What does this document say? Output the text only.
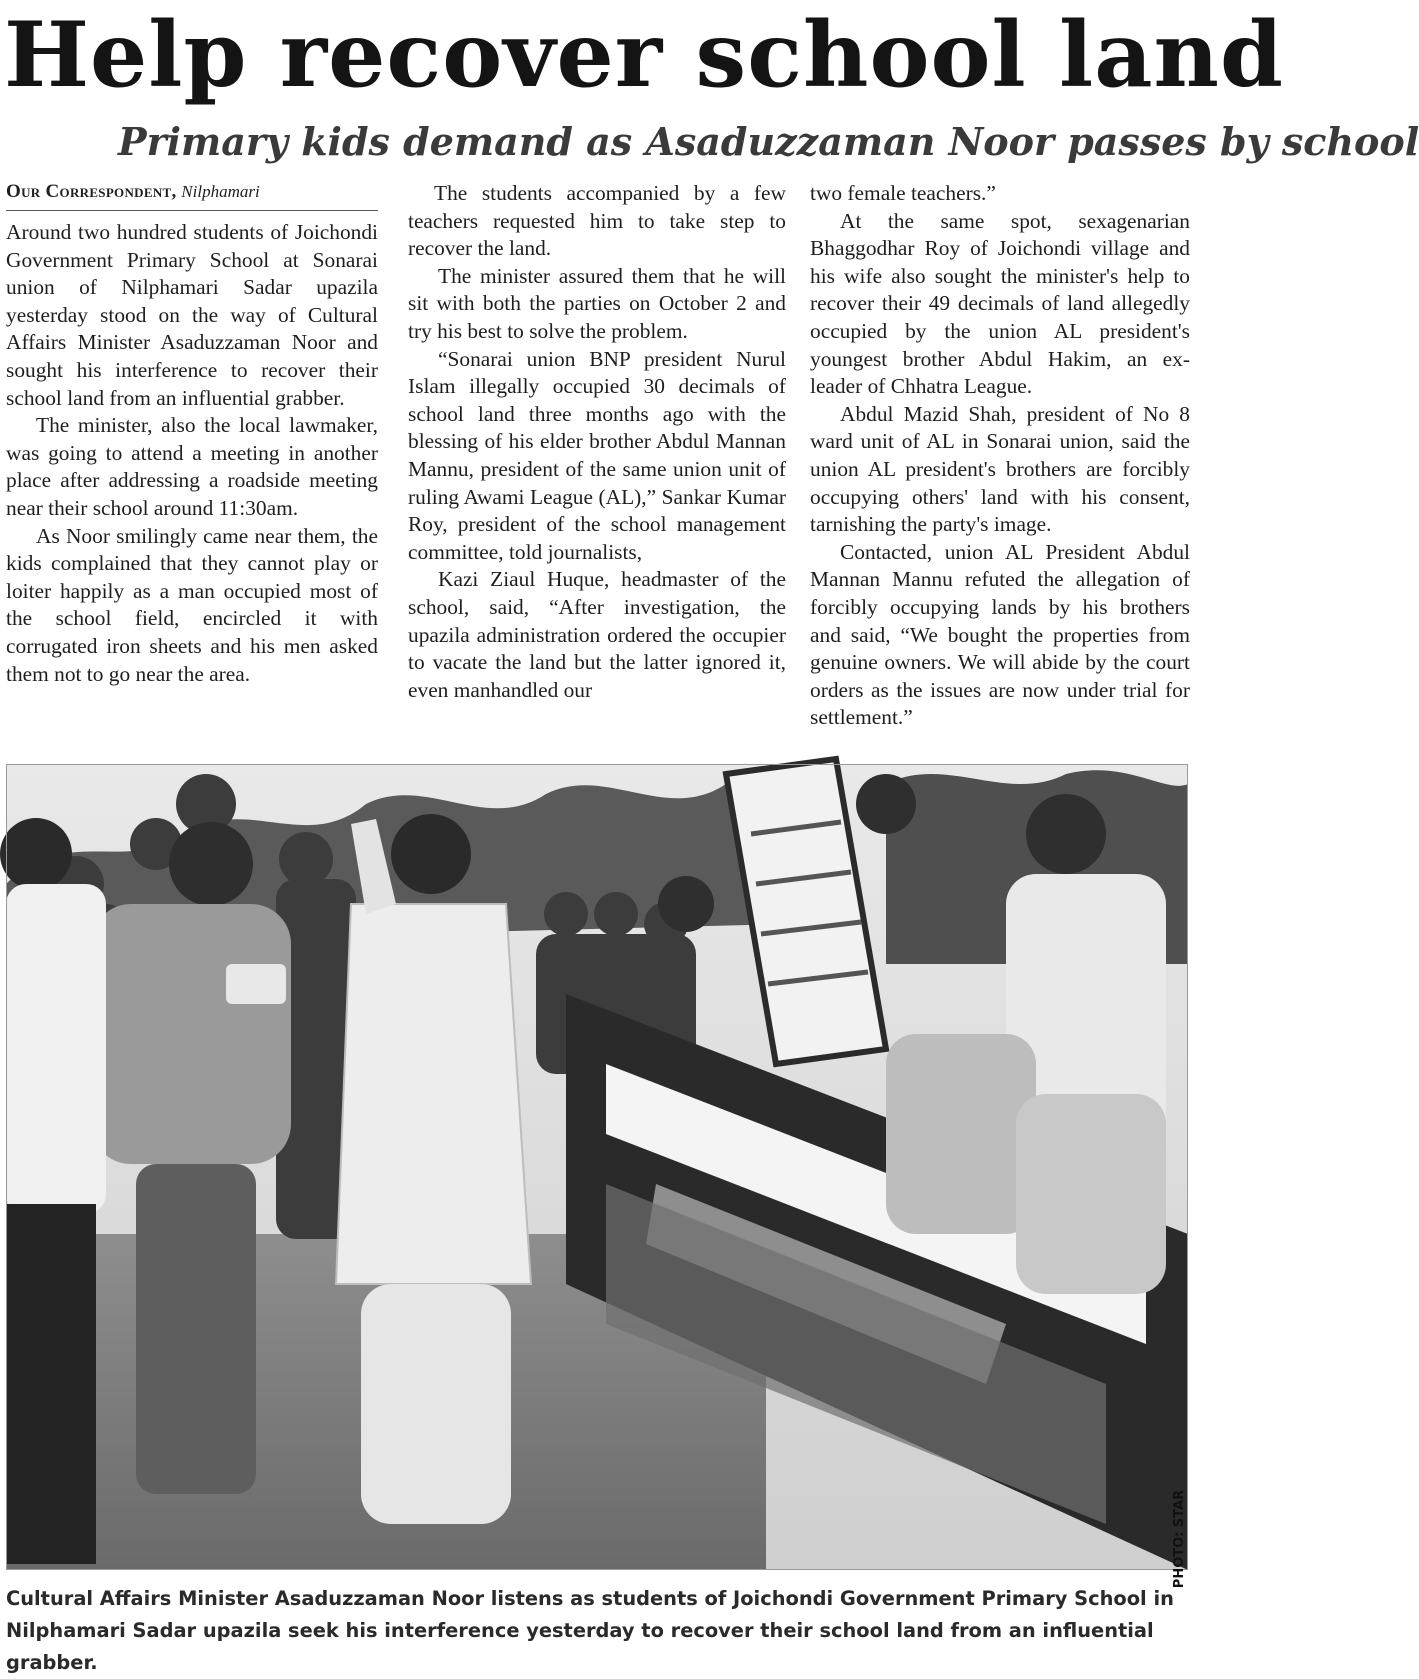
Help recover school land
Primary kids demand as Asaduzzaman Noor passes by school
Our Correspondent, Nilphamari

Around two hundred students of Joichondi Government Primary School at Sonarai union of Nilphamari Sadar upazila yesterday stood on the way of Cultural Affairs Minister Asaduzzaman Noor and sought his interference to recover their school land from an influential grabber.

The minister, also the local lawmaker, was going to attend a meeting in another place after addressing a roadside meeting near their school around 11:30am.

As Noor smilingly came near them, the kids complained that they cannot play or loiter happily as a man occupied most of the school field, encircled it with corrugated iron sheets and his men asked them not to go near the area.

The students accompanied by a few teachers requested him to take step to recover the land.

The minister assured them that he will sit with both the parties on October 2 and try his best to solve the problem.

“Sonarai union BNP president Nurul Islam illegally occupied 30 decimals of school land three months ago with the blessing of his elder brother Abdul Mannan Mannu, president of the same union unit of ruling Awami League (AL),” Sankar Kumar Roy, president of the school management committee, told journalists,

Kazi Ziaul Huque, headmaster of the school, said, “After investigation, the upazila administration ordered the occupier to vacate the land but the latter ignored it, even manhandled our

two female teachers.”

At the same spot, sexagenarian Bhaggodhar Roy of Joichondi village and his wife also sought the minister's help to recover their 49 decimals of land allegedly occupied by the union AL president's youngest brother Abdul Hakim, an ex-leader of Chhatra League.

Abdul Mazid Shah, president of No 8 ward unit of AL in Sonarai union, said the union AL president's brothers are forcibly occupying others' land with his consent, tarnishing the party's image.

Contacted, union AL President Abdul Mannan Mannu refuted the allegation of forcibly occupying lands by his brothers and said, “We bought the properties from genuine owners. We will abide by the court orders as the issues are now under trial for settlement.”

PHOTO: STAR
Cultural Affairs Minister Asaduzzaman Noor listens as students of Joichondi Government Primary School in Nilphamari Sadar upazila seek his interference yesterday to recover their school land from an influential grabber.
